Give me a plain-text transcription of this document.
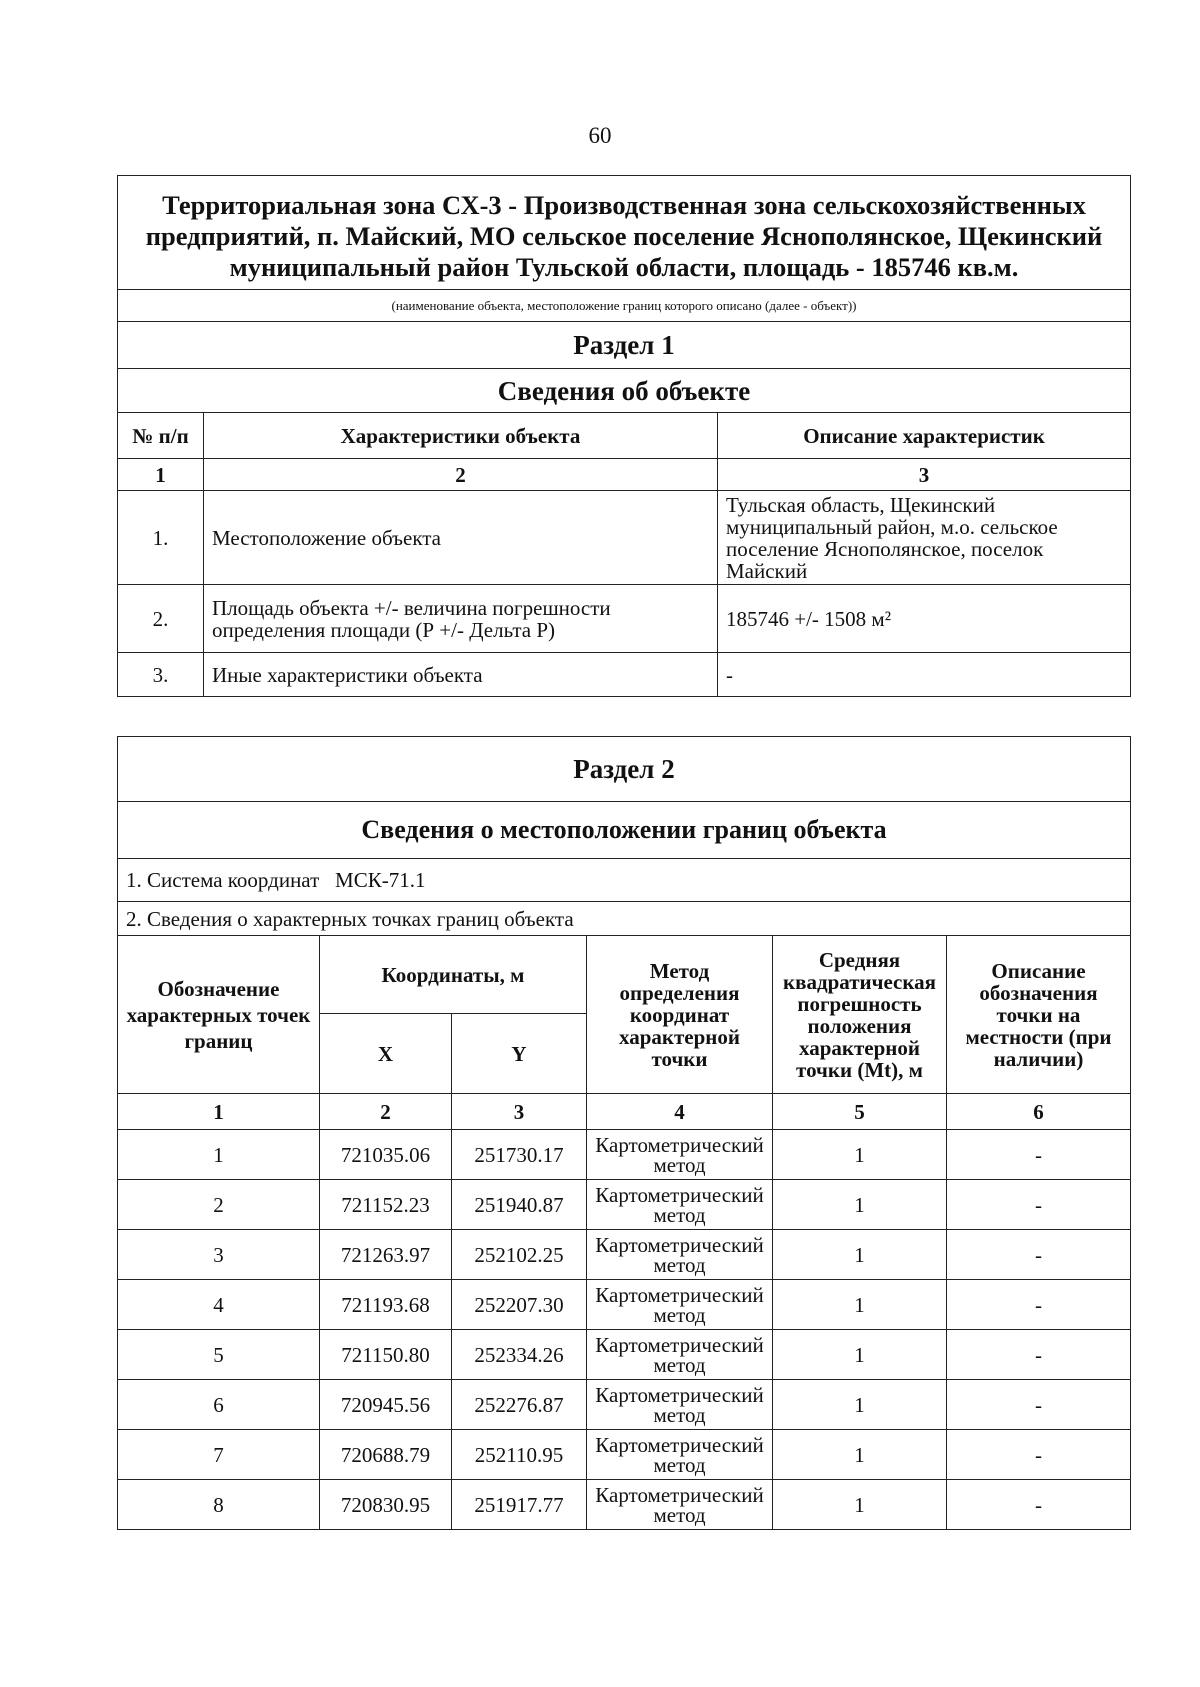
60
Территориальная зона СХ-3 - Производственная зона сельскохозяйственных предприятий, п. Майский, МО сельское поселение Яснополянское, Щекинский муниципальный район Тульской области, площадь - 185746 кв.м.		
(наименование объекта, местоположение границ которого описано (далее - объект))		
Раздел 1		
Сведения об объекте		
№ п/п	Характеристики объекта	Описание характеристик
1	2	3
1.	Местоположение объекта	Тульская область, Щекинский муниципальный район, м.о. сельское поселение Яснополянское, поселок Майский
2.	Площадь объекта +/- величина погрешности определения площади (Р +/- Дельта Р)	185746 +/- 1508 м²
3.	Иные характеристики объекта	-
Раздел 2					
Сведения о местоположении границ объекта					
1. Система координат МСК-71.1					
2. Сведения о характерных точках границ объекта					
Обозначение характерных точек границ	Координаты, м		Метод определения координат характерной точки	Средняя квадратическая погрешность положения характерной точки (Mt), м	Описание обозначения точки на местности (при наличии)
	X	Y			
1	2	3	4	5	6
1	721035.06	251730.17	Картометрический метод	1	-
2	721152.23	251940.87	Картометрический метод	1	-
3	721263.97	252102.25	Картометрический метод	1	-
4	721193.68	252207.30	Картометрический метод	1	-
5	721150.80	252334.26	Картометрический метод	1	-
6	720945.56	252276.87	Картометрический метод	1	-
7	720688.79	252110.95	Картометрический метод	1	-
8	720830.95	251917.77	Картометрический метод	1	-
